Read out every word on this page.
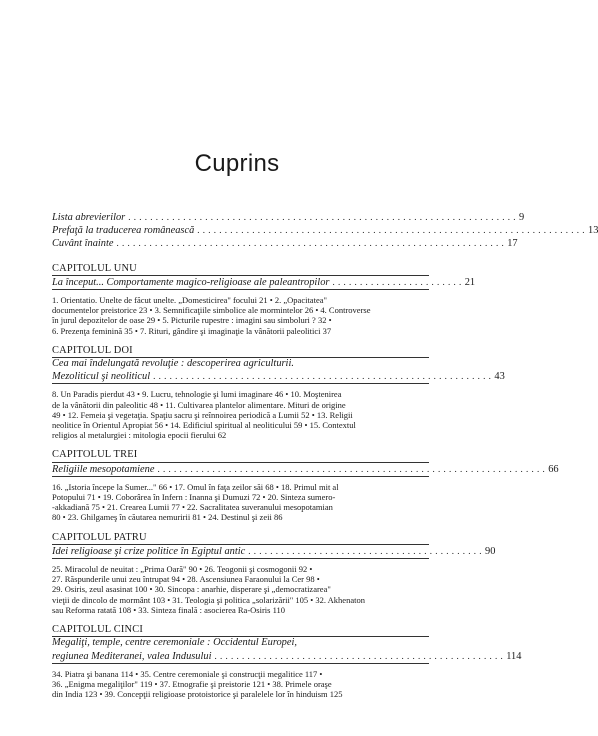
Cuprins
Lista abrevierilor . . . . . . . . . . . . . . . . . . . . . . . . . . . . . . . . . . . . . . . . . . . . . . . . . . . . . . . . . . . . . . . . . . . . . . . 9
Prefaţă la traducerea românească . . . . . . . . . . . . . . . . . . . . . . . . . . . . . . . . . . . . . . . . . . . . . . . . . . . . . . . . . . . . . . . . . . . . . . . 13
Cuvânt înainte . . . . . . . . . . . . . . . . . . . . . . . . . . . . . . . . . . . . . . . . . . . . . . . . . . . . . . . . . . . . . . . . . . . . . . . 17
CAPITOLUL UNU
La început... Comportamente magico-religioase ale paleantropilor . . . . . . . . . . . . . . . . . . . . . . . . 21
1. Orientatio. Unelte de făcut unelte. „Domesticirea" focului 21 • 2. „Opacitatea"
documentelor preistorice 23 • 3. Semnificaţiile simbolice ale mormintelor 26 • 4. Controverse
în jurul depozitelor de oase 29 • 5. Picturile rupestre : imagini sau simboluri ? 32 •
6. Prezenţa feminină 35 • 7. Rituri, gândire şi imaginaţie la vânătorii paleolitici 37
CAPITOLUL DOI
Cea mai îndelungată revoluţie : descoperirea agriculturii.
Mezoliticul şi neoliticul . . . . . . . . . . . . . . . . . . . . . . . . . . . . . . . . . . . . . . . . . . . . . . . . . . . . . . . . . . . . . . 43
8. Un Paradis pierdut 43 • 9. Lucru, tehnologie şi lumi imaginare 46 • 10. Moştenirea
de la vânătorii din paleolitic 48 • 11. Cultivarea plantelor alimentare. Mituri de origine
49 • 12. Femeia şi vegetaţia. Spaţiu sacru şi reînnoirea periodică a Lumii 52 • 13. Religii
neolitice în Orientul Apropiat 56 • 14. Edificiul spiritual al neoliticului 59 • 15. Contextul
religios al metalurgiei : mitologia epocii fierului 62
CAPITOLUL TREI
Religiile mesopotamiene . . . . . . . . . . . . . . . . . . . . . . . . . . . . . . . . . . . . . . . . . . . . . . . . . . . . . . . . . . . . . . . . . . . . . . . 66
16. „Istoria începe la Sumer..." 66 • 17. Omul în faţa zeilor săi 68 • 18. Primul mit al
Potopului 71 • 19. Coborârea în Infern : Inanna şi Dumuzi 72 • 20. Sinteza sumero-
-akkadiană 75 • 21. Crearea Lumii 77 • 22. Sacralitatea suveranului mesopotamian
80 • 23. Ghilgameş în căutarea nemuririi 81 • 24. Destinul şi zeii 86
CAPITOLUL PATRU
Idei religioase şi crize politice în Egiptul antic . . . . . . . . . . . . . . . . . . . . . . . . . . . . . . . . . . . . . . . . . . . 90
25. Miracolul de neuitat : „Prima Oară" 90 • 26. Teogonii şi cosmogonii 92 •
27. Răspunderile unui zeu întrupat 94 • 28. Ascensiunea Faraonului la Cer 98 •
29. Osiris, zeul asasinat 100 • 30. Sincopa : anarhie, disperare şi „democratizarea"
vieţii de dincolo de mormânt 103 • 31. Teologia şi politica „solarizării" 105 • 32. Akhenaton
sau Reforma ratată 108 • 33. Sinteza finală : asocierea Ra-Osiris 110
CAPITOLUL CINCI
Megaliţi, temple, centre ceremoniale : Occidentul Europei,
regiunea Mediteranei, valea Indusului . . . . . . . . . . . . . . . . . . . . . . . . . . . . . . . . . . . . . . . . . . . . . . . . . . . . . 114
34. Piatra şi banana 114 • 35. Centre ceremoniale şi construcţii megalitice 117 •
36. „Enigma megaliţilor" 119 • 37. Etnografie şi preistorie 121 • 38. Primele oraşe
din India 123 • 39. Concepţii religioase protoistorice şi paralelele lor în hinduism 125
